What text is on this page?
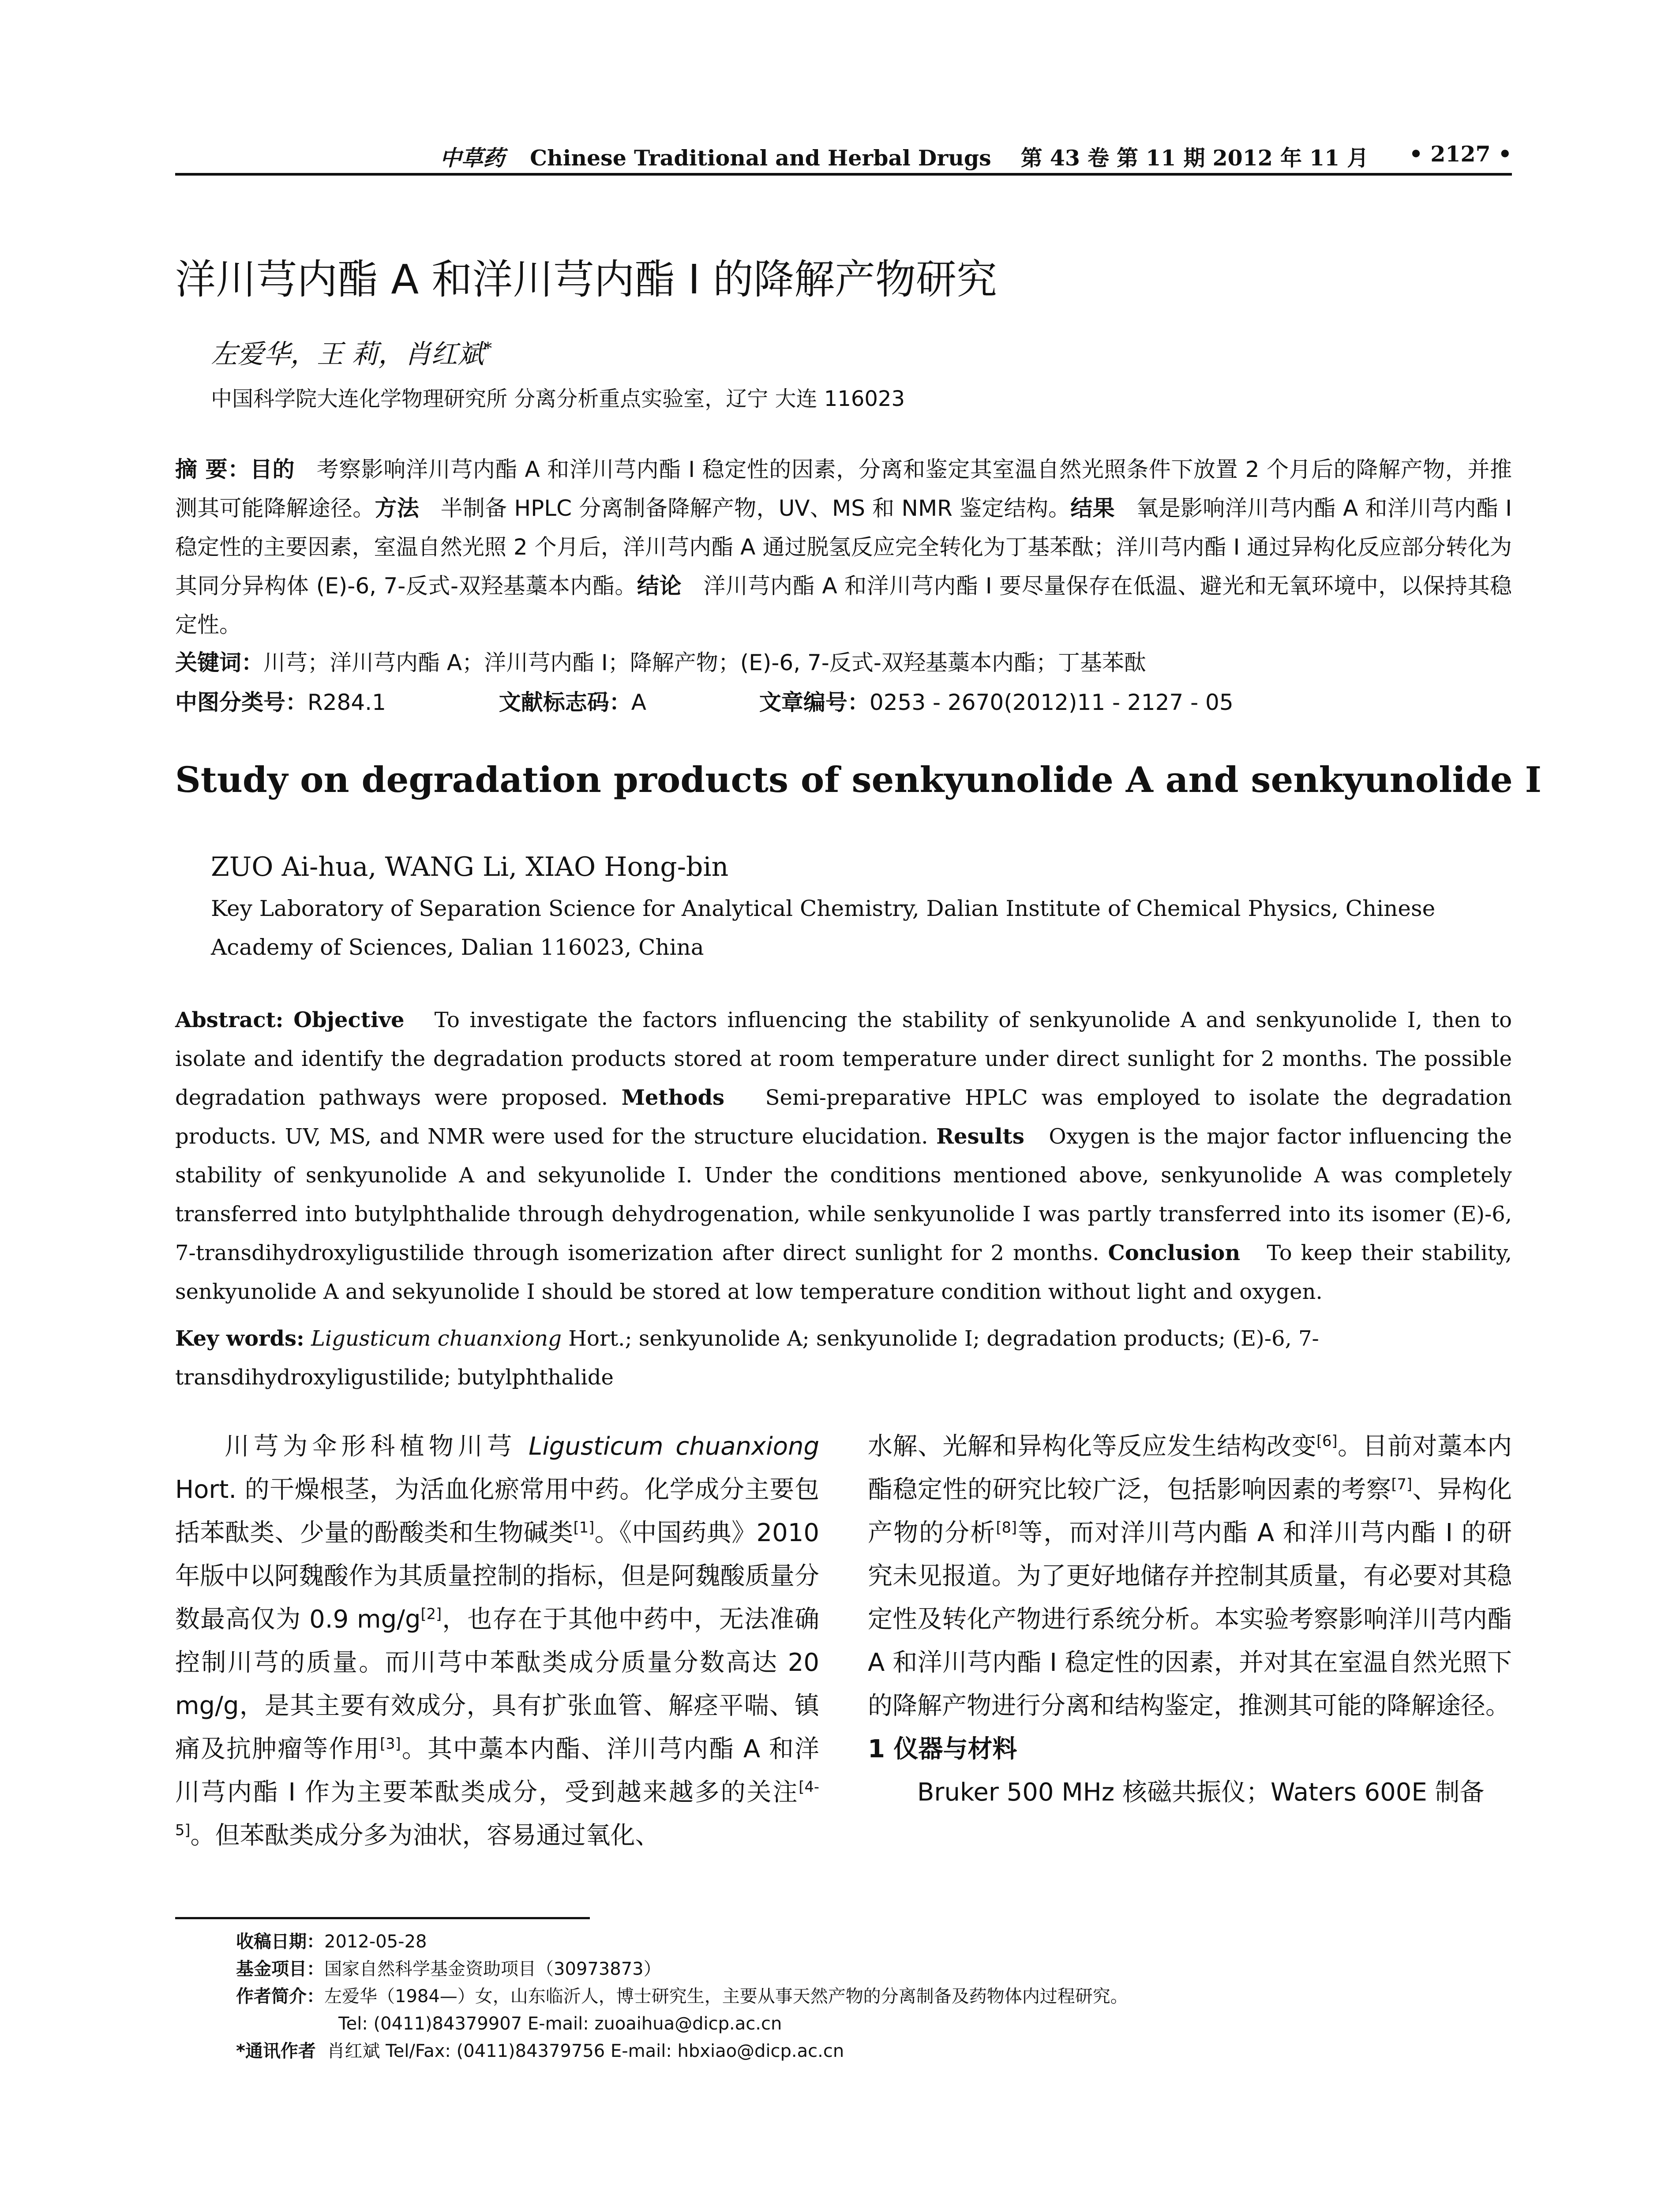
中草药 Chinese Traditional and Herbal Drugs 第 43 卷 第 11 期 2012 年 11 月 • 2127 •
洋川芎内酯 A 和洋川芎内酯 I 的降解产物研究
左爱华，王 莉，肖红斌*
中国科学院大连化学物理研究所 分离分析重点实验室，辽宁 大连 116023
摘 要：目的 考察影响洋川芎内酯 A 和洋川芎内酯 I 稳定性的因素，分离和鉴定其室温自然光照条件下放置 2 个月后的降解产物，并推测其可能降解途径。方法 半制备 HPLC 分离制备降解产物，UV、MS 和 NMR 鉴定结构。结果 氧是影响洋川芎内酯 A 和洋川芎内酯 I 稳定性的主要因素，室温自然光照 2 个月后，洋川芎内酯 A 通过脱氢反应完全转化为丁基苯酞；洋川芎内酯 I 通过异构化反应部分转化为其同分异构体 (E)-6, 7-反式-双羟基藁本内酯。结论 洋川芎内酯 A 和洋川芎内酯 I 要尽量保存在低温、避光和无氧环境中，以保持其稳定性。
关键词：川芎；洋川芎内酯 A；洋川芎内酯 I；降解产物；(E)-6, 7-反式-双羟基藁本内酯；丁基苯酞
中图分类号：R284.1	文献标志码：A	文章编号：0253 - 2670(2012)11 - 2127 - 05
Study on degradation products of senkyunolide A and senkyunolide I
ZUO Ai-hua, WANG Li, XIAO Hong-bin
Key Laboratory of Separation Science for Analytical Chemistry, Dalian Institute of Chemical Physics, Chinese Academy of Sciences, Dalian 116023, China
Abstract: Objective To investigate the factors influencing the stability of senkyunolide A and senkyunolide I, then to isolate and identify the degradation products stored at room temperature under direct sunlight for 2 months. The possible degradation pathways were proposed. Methods Semi-preparative HPLC was employed to isolate the degradation products. UV, MS, and NMR were used for the structure elucidation. Results Oxygen is the major factor influencing the stability of senkyunolide A and sekyunolide I. Under the conditions mentioned above, senkyunolide A was completely transferred into butylphthalide through dehydrogenation, while senkyunolide I was partly transferred into its isomer (E)-6, 7-transdihydroxyligustilide through isomerization after direct sunlight for 2 months. Conclusion To keep their stability, senkyunolide A and sekyunolide I should be stored at low temperature condition without light and oxygen.
Key words: Ligusticum chuanxiong Hort.; senkyunolide A; senkyunolide I; degradation products; (E)-6, 7-transdihydroxyligustilide; butylphthalide

川芎为伞形科植物川芎 Ligusticum chuanxiong Hort. 的干燥根茎，为活血化瘀常用中药。化学成分主要包括苯酞类、少量的酚酸类和生物碱类[1]。《中国药典》2010 年版中以阿魏酸作为其质量控制的指标，但是阿魏酸质量分数最高仅为 0.9 mg/g[2]，也存在于其他中药中，无法准确控制川芎的质量。而川芎中苯酞类成分质量分数高达 20 mg/g，是其主要有效成分，具有扩张血管、解痉平喘、镇痛及抗肿瘤等作用[3]。其中藁本内酯、洋川芎内酯 A 和洋川芎内酯 I 作为主要苯酞类成分，受到越来越多的关注[4-5]。但苯酞类成分多为油状，容易通过氧化、

水解、光解和异构化等反应发生结构改变[6]。目前对藁本内酯稳定性的研究比较广泛，包括影响因素的考察[7]、异构化产物的分析[8]等，而对洋川芎内酯 A 和洋川芎内酯 I 的研究未见报道。为了更好地储存并控制其质量，有必要对其稳定性及转化产物进行系统分析。本实验考察影响洋川芎内酯 A 和洋川芎内酯 I 稳定性的因素，并对其在室温自然光照下的降解产物进行分离和结构鉴定，推测其可能的降解途径。

1 仪器与材料

Bruker 500 MHz 核磁共振仪；Waters 600E 制备

收稿日期：2012-05-28
基金项目：国家自然科学基金资助项目（30973873）
作者简介：左爱华（1984—）女，山东临沂人，博士研究生，主要从事天然产物的分离制备及药物体内过程研究。
Tel: (0411)84379907 E-mail: zuoaihua@dicp.ac.cn
*通讯作者 肖红斌 Tel/Fax: (0411)84379756 E-mail: hbxiao@dicp.ac.cn
